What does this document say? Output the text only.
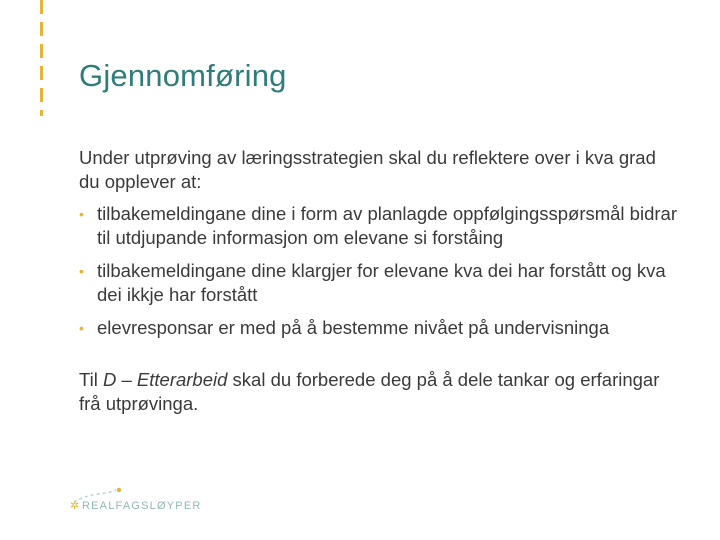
Gjennomføring

Under utprøving av læringsstrategien skal du reflektere over i kva grad du opplever at:

• tilbakemeldingane dine i form av planlagde oppfølgingsspørsmål bidrar til utdjupande informasjon om elevane si forståing
• tilbakemeldingane dine klargjer for elevane kva dei har forstått og kva dei ikkje har forstått
• elevresponsar er med på å bestemme nivået på undervisninga

Til D – Etterarbeid skal du forberede deg på å dele tankar og erfaringar frå utprøvinga.

✲ REALFAGSLØYPER
